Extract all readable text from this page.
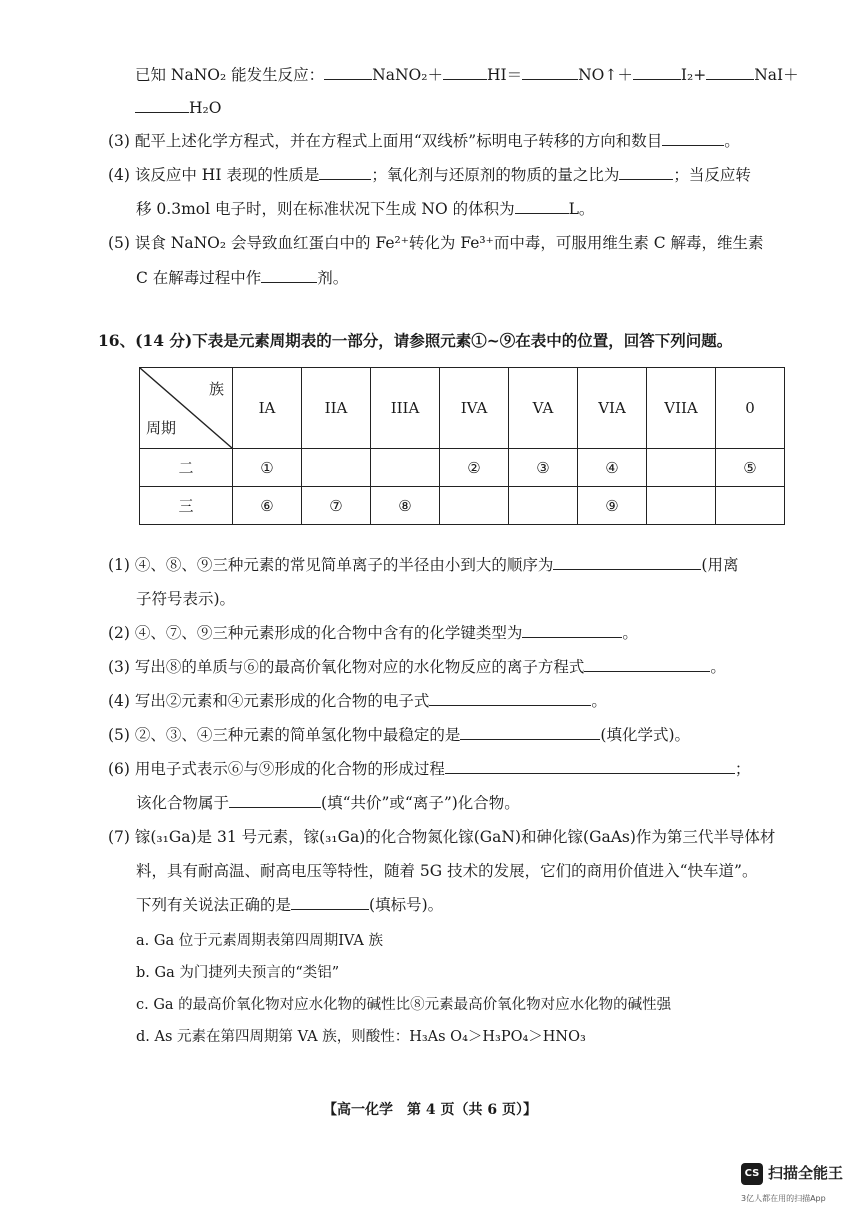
已知 NaNO₂ 能发生反应：	NaNO₂＋	HI＝	NO↑＋	I₂+	NaI＋
H₂O
(3) 配平上述化学方程式，并在方程式上面用“双线桥”标明电子转移的方向和数目	。
(4) 该反应中 HI 表现的性质是	；氧化剂与还原剂的物质的量之比为	；当反应转
移 0.3mol 电子时，则在标准状况下生成 NO 的体积为	L。
(5) 误食 NaNO₂ 会导致血红蛋白中的 Fe²⁺转化为 Fe³⁺而中毒，可服用维生素 C 解毒，维生素
C 在解毒过程中作	剂。
16、(14 分)下表是元素周期表的一部分，请参照元素①~⑨在表中的位置，回答下列问题。
族
周期	IA	IIA	IIIA	IVA	VA	VIA	VIIA	0
二	①			②	③	④		⑤
三	⑥	⑦	⑧			⑨		
(1) ④、⑧、⑨三种元素的常见简单离子的半径由小到大的顺序为	(用离
子符号表示)。
(2) ④、⑦、⑨三种元素形成的化合物中含有的化学键类型为	。
(3) 写出⑧的单质与⑥的最高价氧化物对应的水化物反应的离子方程式	。
(4) 写出②元素和④元素形成的化合物的电子式	。
(5) ②、③、④三种元素的简单氢化物中最稳定的是	(填化学式)。
(6) 用电子式表示⑥与⑨形成的化合物的形成过程	；
该化合物属于	(填“共价”或“离子”)化合物。
(7) 镓(₃₁Ga)是 31 号元素，镓(₃₁Ga)的化合物氮化镓(GaN)和砷化镓(GaAs)作为第三代半导体材
料，具有耐高温、耐高电压等特性，随着 5G 技术的发展，它们的商用价值进入“快车道”。
下列有关说法正确的是	(填标号)。
a. Ga 位于元素周期表第四周期IVA 族
b. Ga 为门捷列夫预言的“类铝”
c. Ga 的最高价氧化物对应水化物的碱性比⑧元素最高价氧化物对应水化物的碱性强
d. As 元素在第四周期第 VA 族，则酸性：H₃As O₄＞H₃PO₄＞HNO₃
【高一化学　第 4 页（共 6 页）】
CS 扫描全能王
3亿人都在用的扫描App
